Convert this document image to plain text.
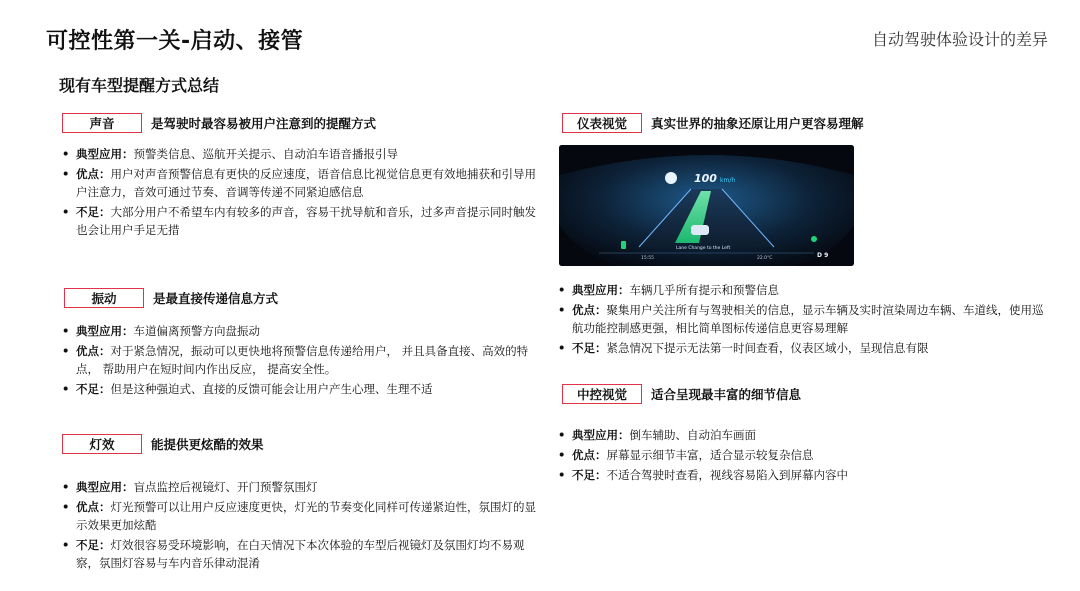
可控性第一关-启动、接管	自动驾驶体验设计的差异
现有车型提醒方式总结
声音	是驾驶时最容易被用户注意到的提醒方式
• 典型应用：预警类信息、巡航开关提示、自动泊车语音播报引导
• 优点：用户对声音预警信息有更快的反应速度，语音信息比视觉信息更有效地捕获和引导用户注意力，音效可通过节奏、音调等传递不同紧迫感信息
• 不足：大部分用户不希望车内有较多的声音，容易干扰导航和音乐，过多声音提示同时触发也会让用户手足无措
振动	是最直接传递信息方式
• 典型应用：车道偏离预警方向盘振动
• 优点：对于紧急情况，振动可以更快地将预警信息传递给用户， 并且具备直接、高效的特点， 帮助用户在短时间内作出反应， 提高安全性。
• 不足：但是这种强迫式、直接的反馈可能会让用户产生心理、生理不适
灯效	能提供更炫酷的效果
• 典型应用：盲点监控后视镜灯、开门预警氛围灯
• 优点：灯光预警可以让用户反应速度更快，灯光的节奏变化同样可传递紧迫性，氛围灯的显示效果更加炫酷
• 不足：灯效很容易受环境影响，在白天情况下本次体验的车型后视镜灯及氛围灯均不易观察，氛围灯容易与车内音乐律动混淆
仪表视觉	真实世界的抽象还原让用户更容易理解
100 km/h
Lane Change to the Left
15:55	22.0°C	D 9
• 典型应用：车辆几乎所有提示和预警信息
• 优点：聚集用户关注所有与驾驶相关的信息，显示车辆及实时渲染周边车辆、车道线，使用巡航功能控制感更强，相比简单图标传递信息更容易理解
• 不足：紧急情况下提示无法第一时间查看，仪表区域小，呈现信息有限
中控视觉	适合呈现最丰富的细节信息
• 典型应用：倒车辅助、自动泊车画面
• 优点：屏幕显示细节丰富，适合显示较复杂信息
• 不足：不适合驾驶时查看，视线容易陷入到屏幕内容中
